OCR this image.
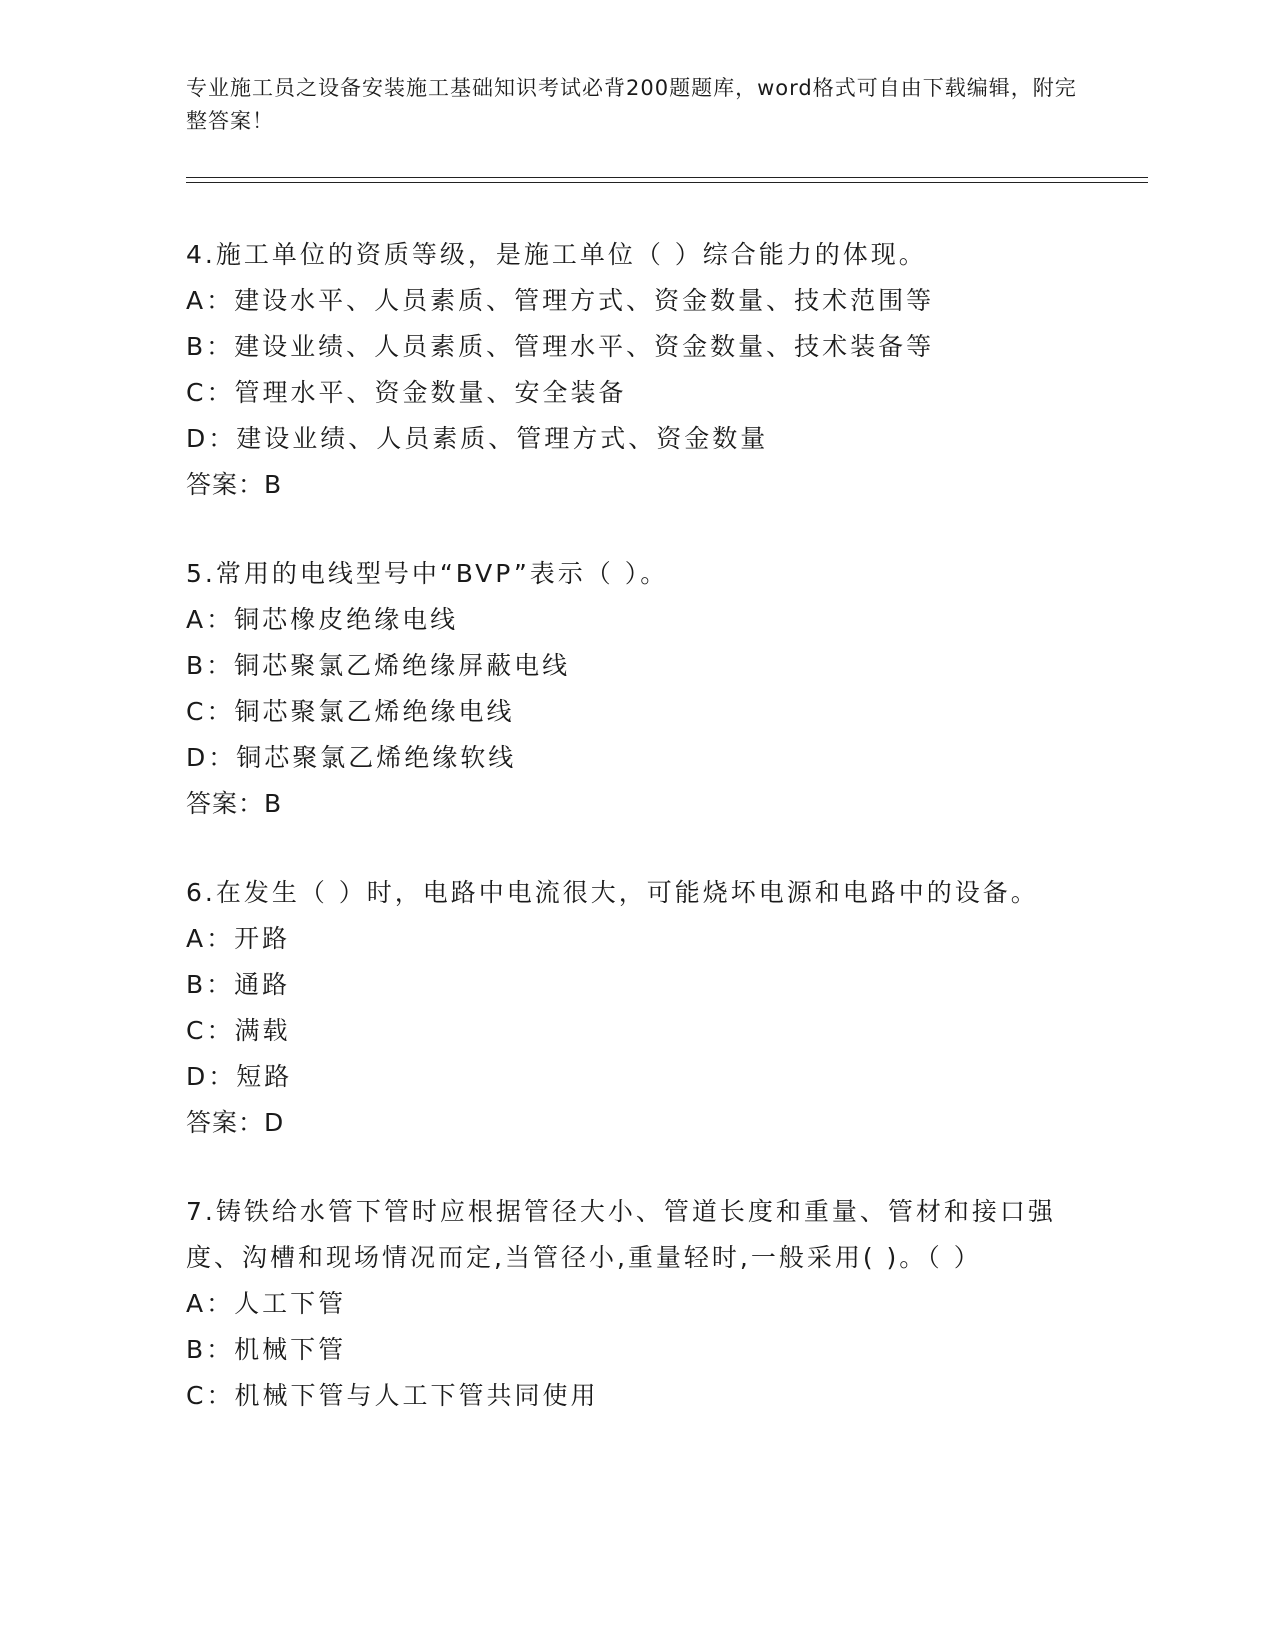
专业施工员之设备安装施工基础知识考试必背200题题库，word格式可自由下载编辑，附完整答案！
4.施工单位的资质等级，是施工单位（ ）综合能力的体现。
A：建设水平、人员素质、管理方式、资金数量、技术范围等
B：建设业绩、人员素质、管理水平、资金数量、技术装备等
C：管理水平、资金数量、安全装备
D：建设业绩、人员素质、管理方式、资金数量
答案：B
5.常用的电线型号中“BVP”表示（ ）。
A：铜芯橡皮绝缘电线
B：铜芯聚氯乙烯绝缘屏蔽电线
C：铜芯聚氯乙烯绝缘电线
D：铜芯聚氯乙烯绝缘软线
答案：B
6.在发生（ ）时，电路中电流很大，可能烧坏电源和电路中的设备。
A：开路
B：通路
C：满载
D：短路
答案：D
7.铸铁给水管下管时应根据管径大小、管道长度和重量、管材和接口强度、沟槽和现场情况而定,当管径小,重量轻时,一般采用( )。（ ）
A：人工下管
B：机械下管
C：机械下管与人工下管共同使用
